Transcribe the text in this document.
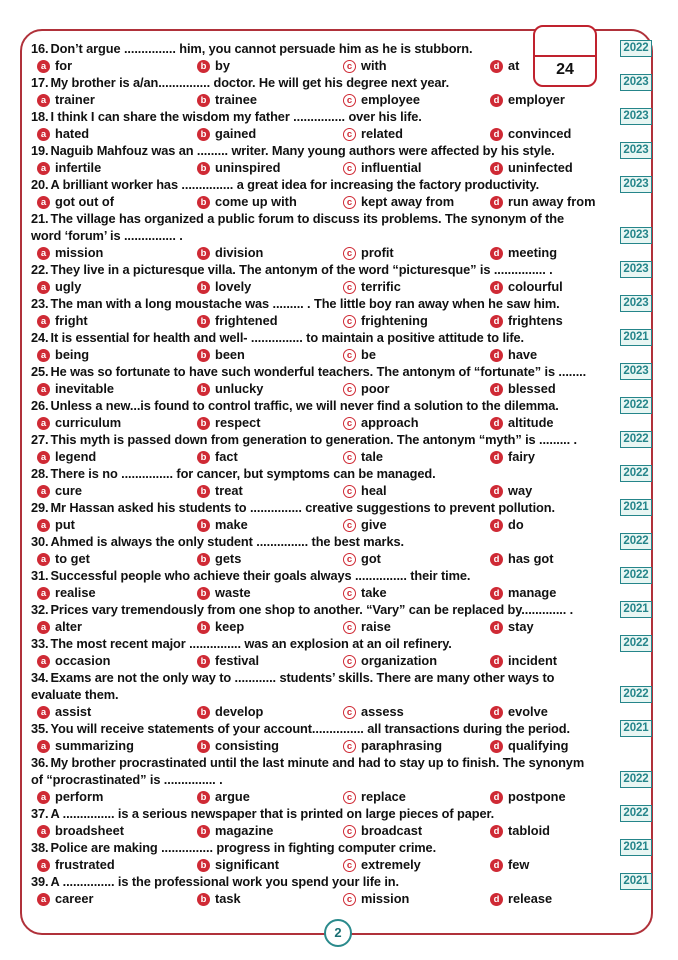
24
16. Don’t argue ............... him, you cannot persuade him as he is stubborn.	2022
a for	b by	c with	d at
17. My brother is a/an............... doctor. He will get his degree next year.	2023
a trainer	b trainee	c employee	d employer
18. I think I can share the wisdom my father ............... over his life.	2023
a hated	b gained	c related	d convinced
19. Naguib Mahfouz was an ......... writer. Many young authors were affected by his style.	2023
a infertile	b uninspired	c influential	d uninfected
20. A brilliant worker has ............... a great idea for increasing the factory productivity.	2023
a got out of	b come up with	c kept away from	d run away from
21. The village has organized a public forum to discuss its problems. The synonym of the word ‘forum’ is ............... .	2023
a mission	b division	c profit	d meeting
22. They live in a picturesque villa. The antonym of the word “picturesque” is ............... .	2023
a ugly	b lovely	c terrific	d colourful
23. The man with a long moustache was ......... . The little boy ran away when he saw him.	2023
a fright	b frightened	c frightening	d frightens
24. It is essential for health and well- ............... to maintain a positive attitude to life.	2021
a being	b been	c be	d have
25. He was so fortunate to have such wonderful teachers. The antonym of “fortunate” is ........	2023
a inevitable	b unlucky	c poor	d blessed
26. Unless a new...is found to control traffic, we will never find a solution to the dilemma.	2022
a curriculum	b respect	c approach	d altitude
27. This myth is passed down from generation to generation. The antonym “myth” is ......... .	2022
a legend	b fact	c tale	d fairy
28. There is no ............... for cancer, but symptoms can be managed.	2022
a cure	b treat	c heal	d way
29. Mr Hassan asked his students to ............... creative suggestions to prevent pollution.	2021
a put	b make	c give	d do
30. Ahmed is always the only student ............... the best marks.	2022
a to get	b gets	c got	d has got
31. Successful people who achieve their goals always ............... their time.	2022
a realise	b waste	c take	d manage
32. Prices vary tremendously from one shop to another. “Vary” can be replaced by............. .	2021
a alter	b keep	c raise	d stay
33. The most recent major ............... was an explosion at an oil refinery.	2022
a occasion	b festival	c organization	d incident
34. Exams are not the only way to ............ students’ skills. There are many other ways to evaluate them.	2022
a assist	b develop	c assess	d evolve
35. You will receive statements of your account............... all transactions during the period.	2021
a summarizing	b consisting	c paraphrasing	d qualifying
36. My brother procrastinated until the last minute and had to stay up to finish. The synonym of “procrastinated” is ............... .	2022
a perform	b argue	c replace	d postpone
37. A ............... is a serious newspaper that is printed on large pieces of paper.	2022
a broadsheet	b magazine	c broadcast	d tabloid
38. Police are making ............... progress in fighting computer crime.	2021
a frustrated	b significant	c extremely	d few
39. A ............... is the professional work you spend your life in.	2021
a career	b task	c mission	d release
2
